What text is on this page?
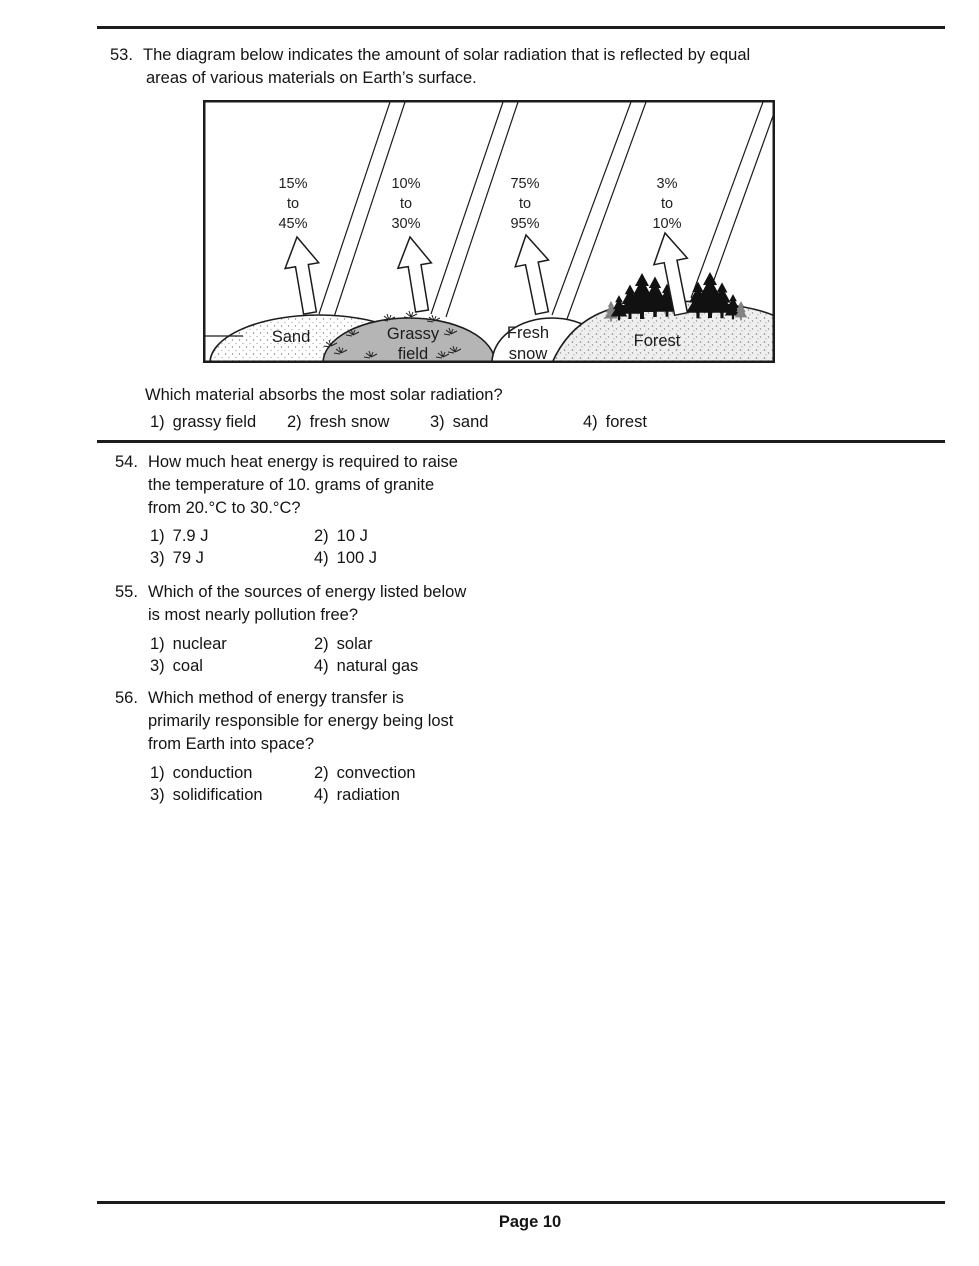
53. The diagram below indicates the amount of solar radiation that is reflected by equal
areas of various materials on Earth’s surface.
15%
to
45%
10%
to
30%
75%
to
95%
3%
to
10%
Sand	Grassy
field
Fresh
snow
Forest
Which material absorbs the most solar radiation?
1) grassy field 2) fresh snow 3) sand	4) forest
54. How much heat energy is required to raise
the temperature of 10. grams of granite
from 20.°C to 30.°C?
1) 7.9 J	2) 10 J
3) 79 J	4) 100 J
55. Which of the sources of energy listed below
is most nearly pollution free?
1) nuclear	2) solar
3) coal	4) natural gas
56. Which method of energy transfer is
primarily responsible for energy being lost
from Earth into space?
1) conduction	2) convection
3) solidification	4) radiation
Page 10
